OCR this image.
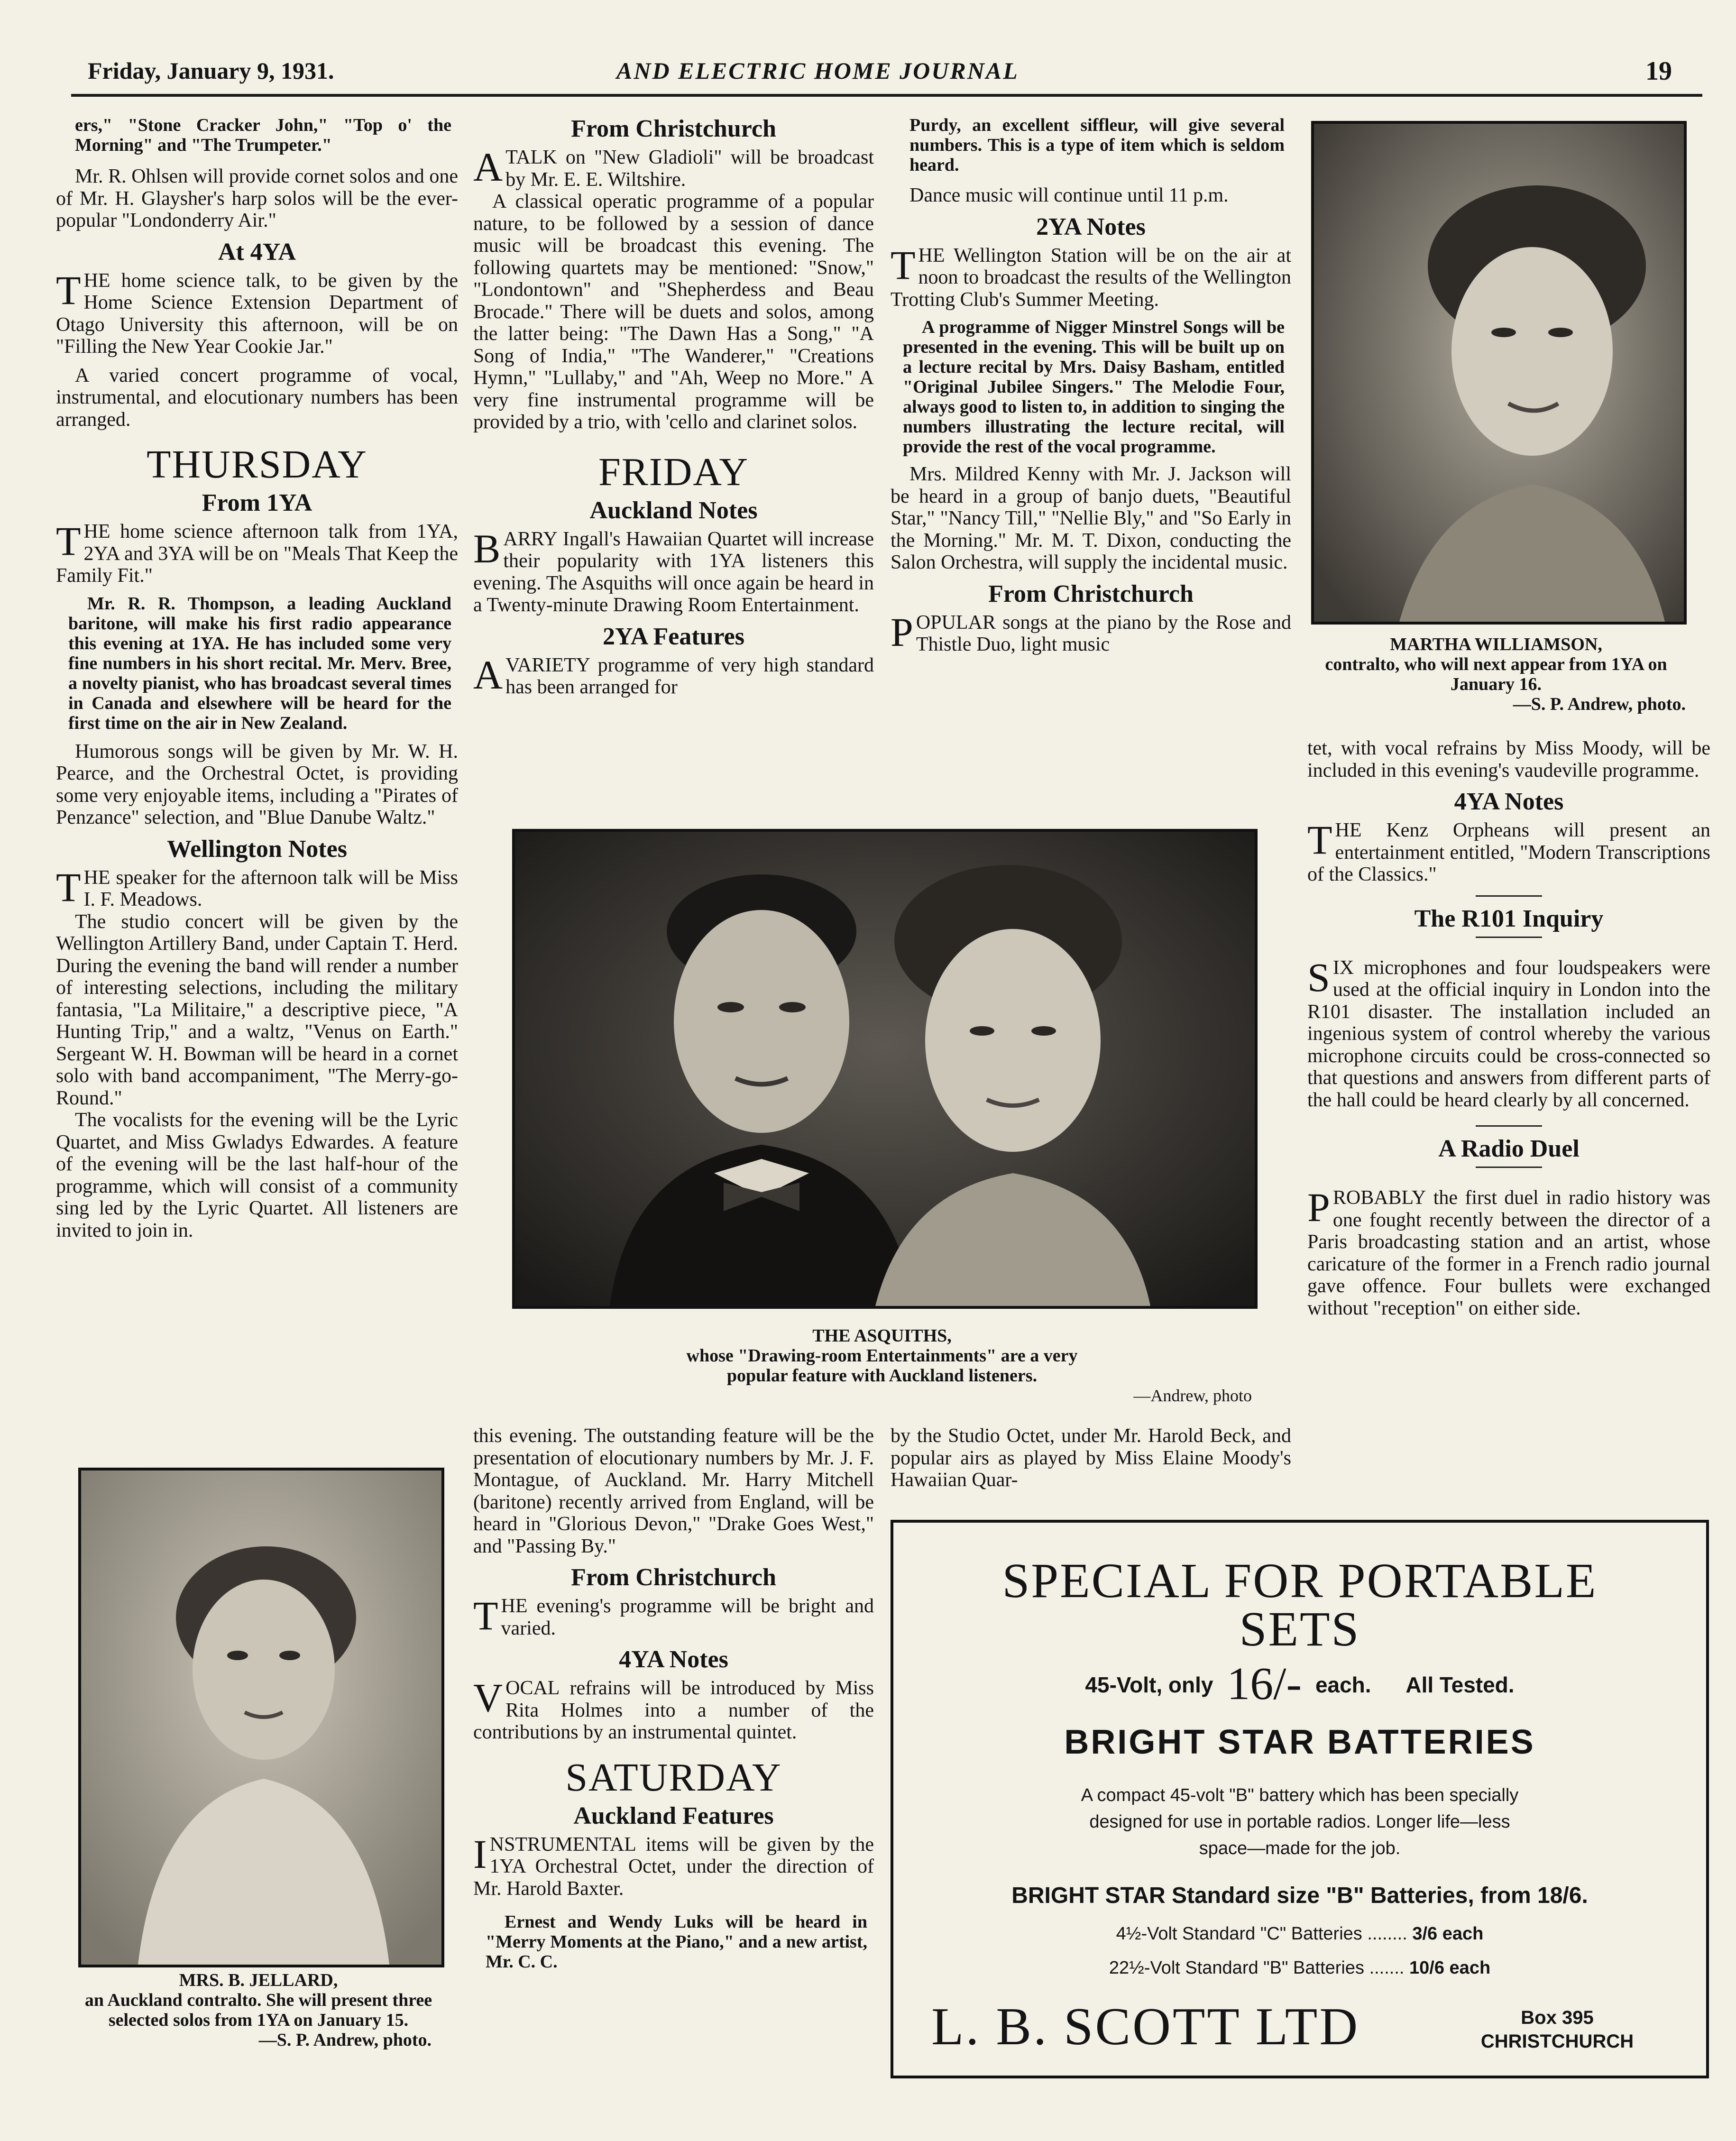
Friday, January 9, 1931.	AND ELECTRIC HOME JOURNAL	19

ers," "Stone Cracker John," "Top o' the Morning" and "The Trumpeter."

Mr. R. Ohlsen will provide cornet solos and one of Mr. H. Glaysher's harp solos will be the ever-popular "Londonderry Air."

At 4YA

THE home science talk, to be given by the Home Science Extension Department of Otago University this afternoon, will be on "Filling the New Year Cookie Jar."

A varied concert programme of vocal, instrumental, and elocutionary numbers has been arranged.

THURSDAY
From 1YA

THE home science afternoon talk from 1YA, 2YA and 3YA will be on "Meals That Keep the Family Fit."

Mr. R. R. Thompson, a leading Auckland baritone, will make his first radio appearance this evening at 1YA. He has included some very fine numbers in his short recital. Mr. Merv. Bree, a novelty pianist, who has broadcast several times in Canada and elsewhere will be heard for the first time on the air in New Zealand.

Humorous songs will be given by Mr. W. H. Pearce, and the Orchestral Octet, is providing some very enjoyable items, including a "Pirates of Penzance" selection, and "Blue Danube Waltz."

Wellington Notes

THE speaker for the afternoon talk will be Miss I. F. Meadows.

The studio concert will be given by the Wellington Artillery Band, under Captain T. Herd. During the evening the band will render a number of interesting selections, including the military fantasia, "La Militaire," a descriptive piece, "A Hunting Trip," and a waltz, "Venus on Earth." Sergeant W. H. Bowman will be heard in a cornet solo with band accompaniment, "The Merry-go-Round."

The vocalists for the evening will be the Lyric Quartet, and Miss Gwladys Edwardes. A feature of the evening will be the last half-hour of the programme, which will consist of a community sing led by the Lyric Quartet. All listeners are invited to join in.

MRS. B. JELLARD,
an Auckland contralto. She will present three selected solos from 1YA on January 15.
—S. P. Andrew, photo.
From Christchurch

ATALK on "New Gladioli" will be broadcast by Mr. E. E. Wiltshire.

A classical operatic programme of a popular nature, to be followed by a session of dance music will be broadcast this evening. The following quartets may be mentioned: "Snow," "Londontown" and "Shepherdess and Beau Brocade." There will be duets and solos, among the latter being: "The Dawn Has a Song," "A Song of India," "The Wanderer," "Creations Hymn," "Lullaby," and "Ah, Weep no More." A very fine instrumental programme will be provided by a trio, with 'cello and clarinet solos.

FRIDAY
Auckland Notes

BARRY Ingall's Hawaiian Quartet will increase their popularity with 1YA listeners this evening. The Asquiths will once again be heard in a Twenty-minute Drawing Room Entertainment.

2YA Features

AVARIETY programme of very high standard has been arranged for

Purdy, an excellent siffleur, will give several numbers. This is a type of item which is seldom heard.

Dance music will continue until 11 p.m.

2YA Notes

THE Wellington Station will be on the air at noon to broadcast the results of the Wellington Trotting Club's Summer Meeting.

A programme of Nigger Minstrel Songs will be presented in the evening. This will be built up on a lecture recital by Mrs. Daisy Basham, entitled "Original Jubilee Singers." The Melodie Four, always good to listen to, in addition to singing the numbers illustrating the lecture recital, will provide the rest of the vocal programme.

Mrs. Mildred Kenny with Mr. J. Jackson will be heard in a group of banjo duets, "Beautiful Star," "Nancy Till," "Nellie Bly," and "So Early in the Morning." Mr. M. T. Dixon, conducting the Salon Orchestra, will supply the incidental music.

From Christchurch

POPULAR songs at the piano by the Rose and Thistle Duo, light music	MARTHA WILLIAMSON,
contralto, who will next appear from 1YA on January 16.
—S. P. Andrew, photo.

tet, with vocal refrains by Miss Moody, will be included in this evening's vaudeville programme.

4YA Notes

THE Kenz Orpheans will present an entertainment entitled, "Modern Transcriptions of the Classics."

The R101 Inquiry

SIX microphones and four loudspeakers were used at the official inquiry in London into the R101 disaster. The installation included an ingenious system of control whereby the various microphone circuits could be cross-connected so that questions and answers from different parts of the hall could be heard clearly by all concerned.

A Radio Duel

PROBABLY the first duel in radio history was one fought recently between the director of a Paris broadcasting station and an artist, whose caricature of the former in a French radio journal gave offence. Four bullets were exchanged without "reception" on either side.

THE ASQUITHS,
whose "Drawing-room Entertainments" are a very popular feature with Auckland listeners.
—Andrew, photo

this evening. The outstanding feature will be the presentation of elocutionary numbers by Mr. J. F. Montague, of Auckland. Mr. Harry Mitchell (baritone) recently arrived from England, will be heard in "Glorious Devon," "Drake Goes West," and "Passing By."

From Christchurch

THE evening's programme will be bright and varied.

4YA Notes

VOCAL refrains will be introduced by Miss Rita Holmes into a number of the contributions by an instrumental quintet.

SATURDAY
Auckland Features

INSTRUMENTAL items will be given by the 1YA Orchestral Octet, under the direction of Mr. Harold Baxter.

Ernest and Wendy Luks will be heard in "Merry Moments at the Piano," and a new artist, Mr. C. C.

by the Studio Octet, under Mr. Harold Beck, and popular airs as played by Miss Elaine Moody's Hawaiian Quar-

SPECIAL FOR PORTABLE
SETS
45-Volt, only 16/- each. All Tested.
BRIGHT STAR BATTERIES
A compact 45-volt "B" battery which has been specially
designed for use in portable radios. Longer life—less
space—made for the job.
BRIGHT STAR Standard size "B" Batteries, from 18/6.
4½-Volt Standard "C" Batteries ........ 3/6 each
22½-Volt Standard "B" Batteries ....... 10/6 each
L. B. SCOTT LTD	Box 395
CHRISTCHURCH
